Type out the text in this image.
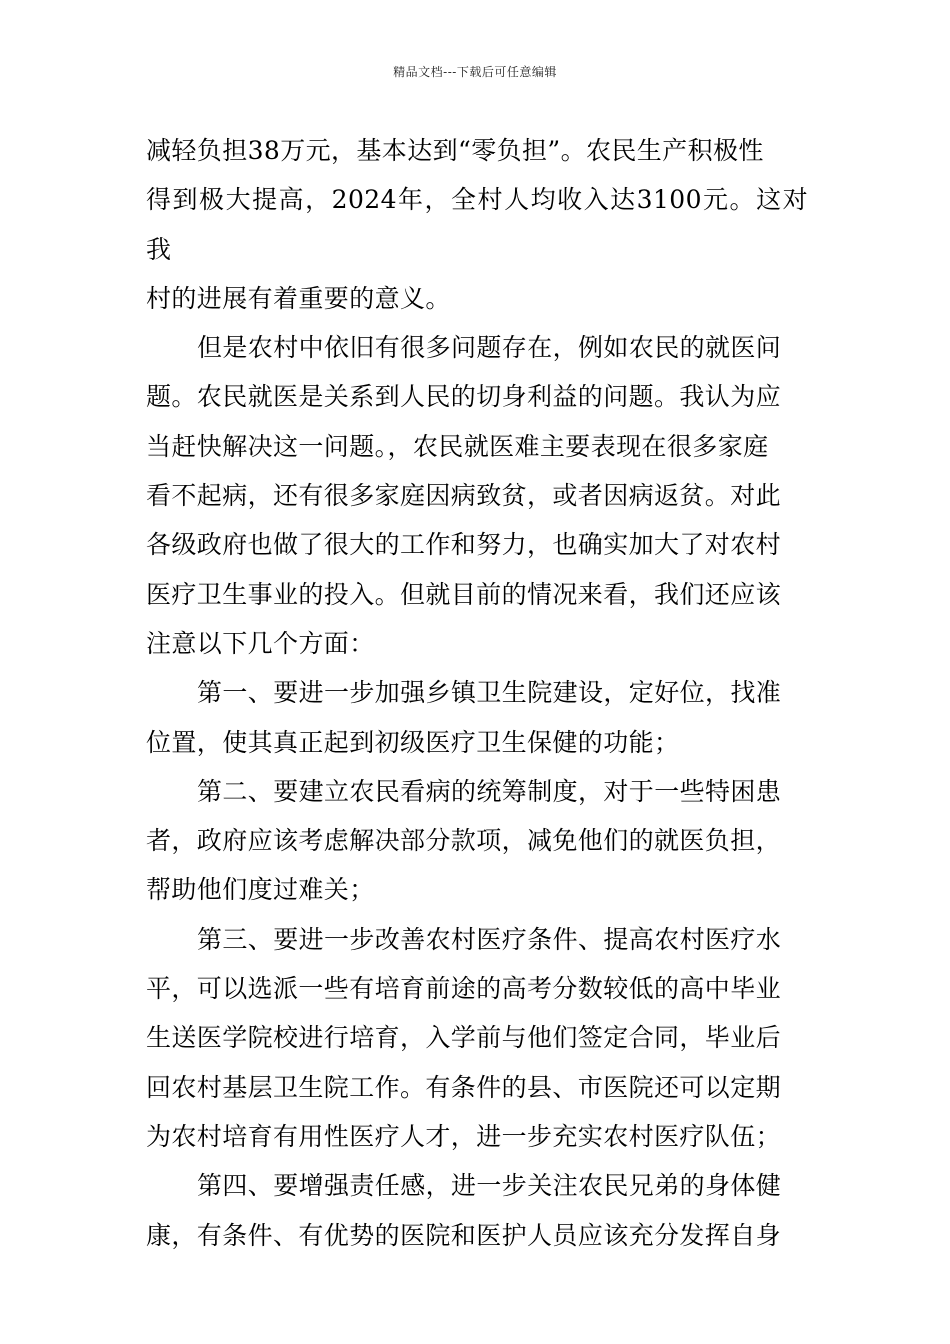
精品文档---下载后可任意编辑
减轻负担38万元，基本达到“零负担”。农民生产积极性
得到极大提高，2024年，全村人均收入达3100元。这对我
村的进展有着重要的意义。
但是农村中依旧有很多问题存在，例如农民的就医问
题。农民就医是关系到人民的切身利益的问题。我认为应
当赶快解决这一问题。，农民就医难主要表现在很多家庭
看不起病，还有很多家庭因病致贫，或者因病返贫。对此
各级政府也做了很大的工作和努力，也确实加大了对农村
医疗卫生事业的投入。但就目前的情况来看，我们还应该
注意以下几个方面：
第一、要进一步加强乡镇卫生院建设，定好位，找准
位置，使其真正起到初级医疗卫生保健的功能；
第二、要建立农民看病的统筹制度，对于一些特困患
者，政府应该考虑解决部分款项，减免他们的就医负担，
帮助他们度过难关；
第三、要进一步改善农村医疗条件、提高农村医疗水
平，可以选派一些有培育前途的高考分数较低的高中毕业
生送医学院校进行培育，入学前与他们签定合同，毕业后
回农村基层卫生院工作。有条件的县、市医院还可以定期
为农村培育有用性医疗人才，进一步充实农村医疗队伍；
第四、要增强责任感，进一步关注农民兄弟的身体健
康，有条件、有优势的医院和医护人员应该充分发挥自身
